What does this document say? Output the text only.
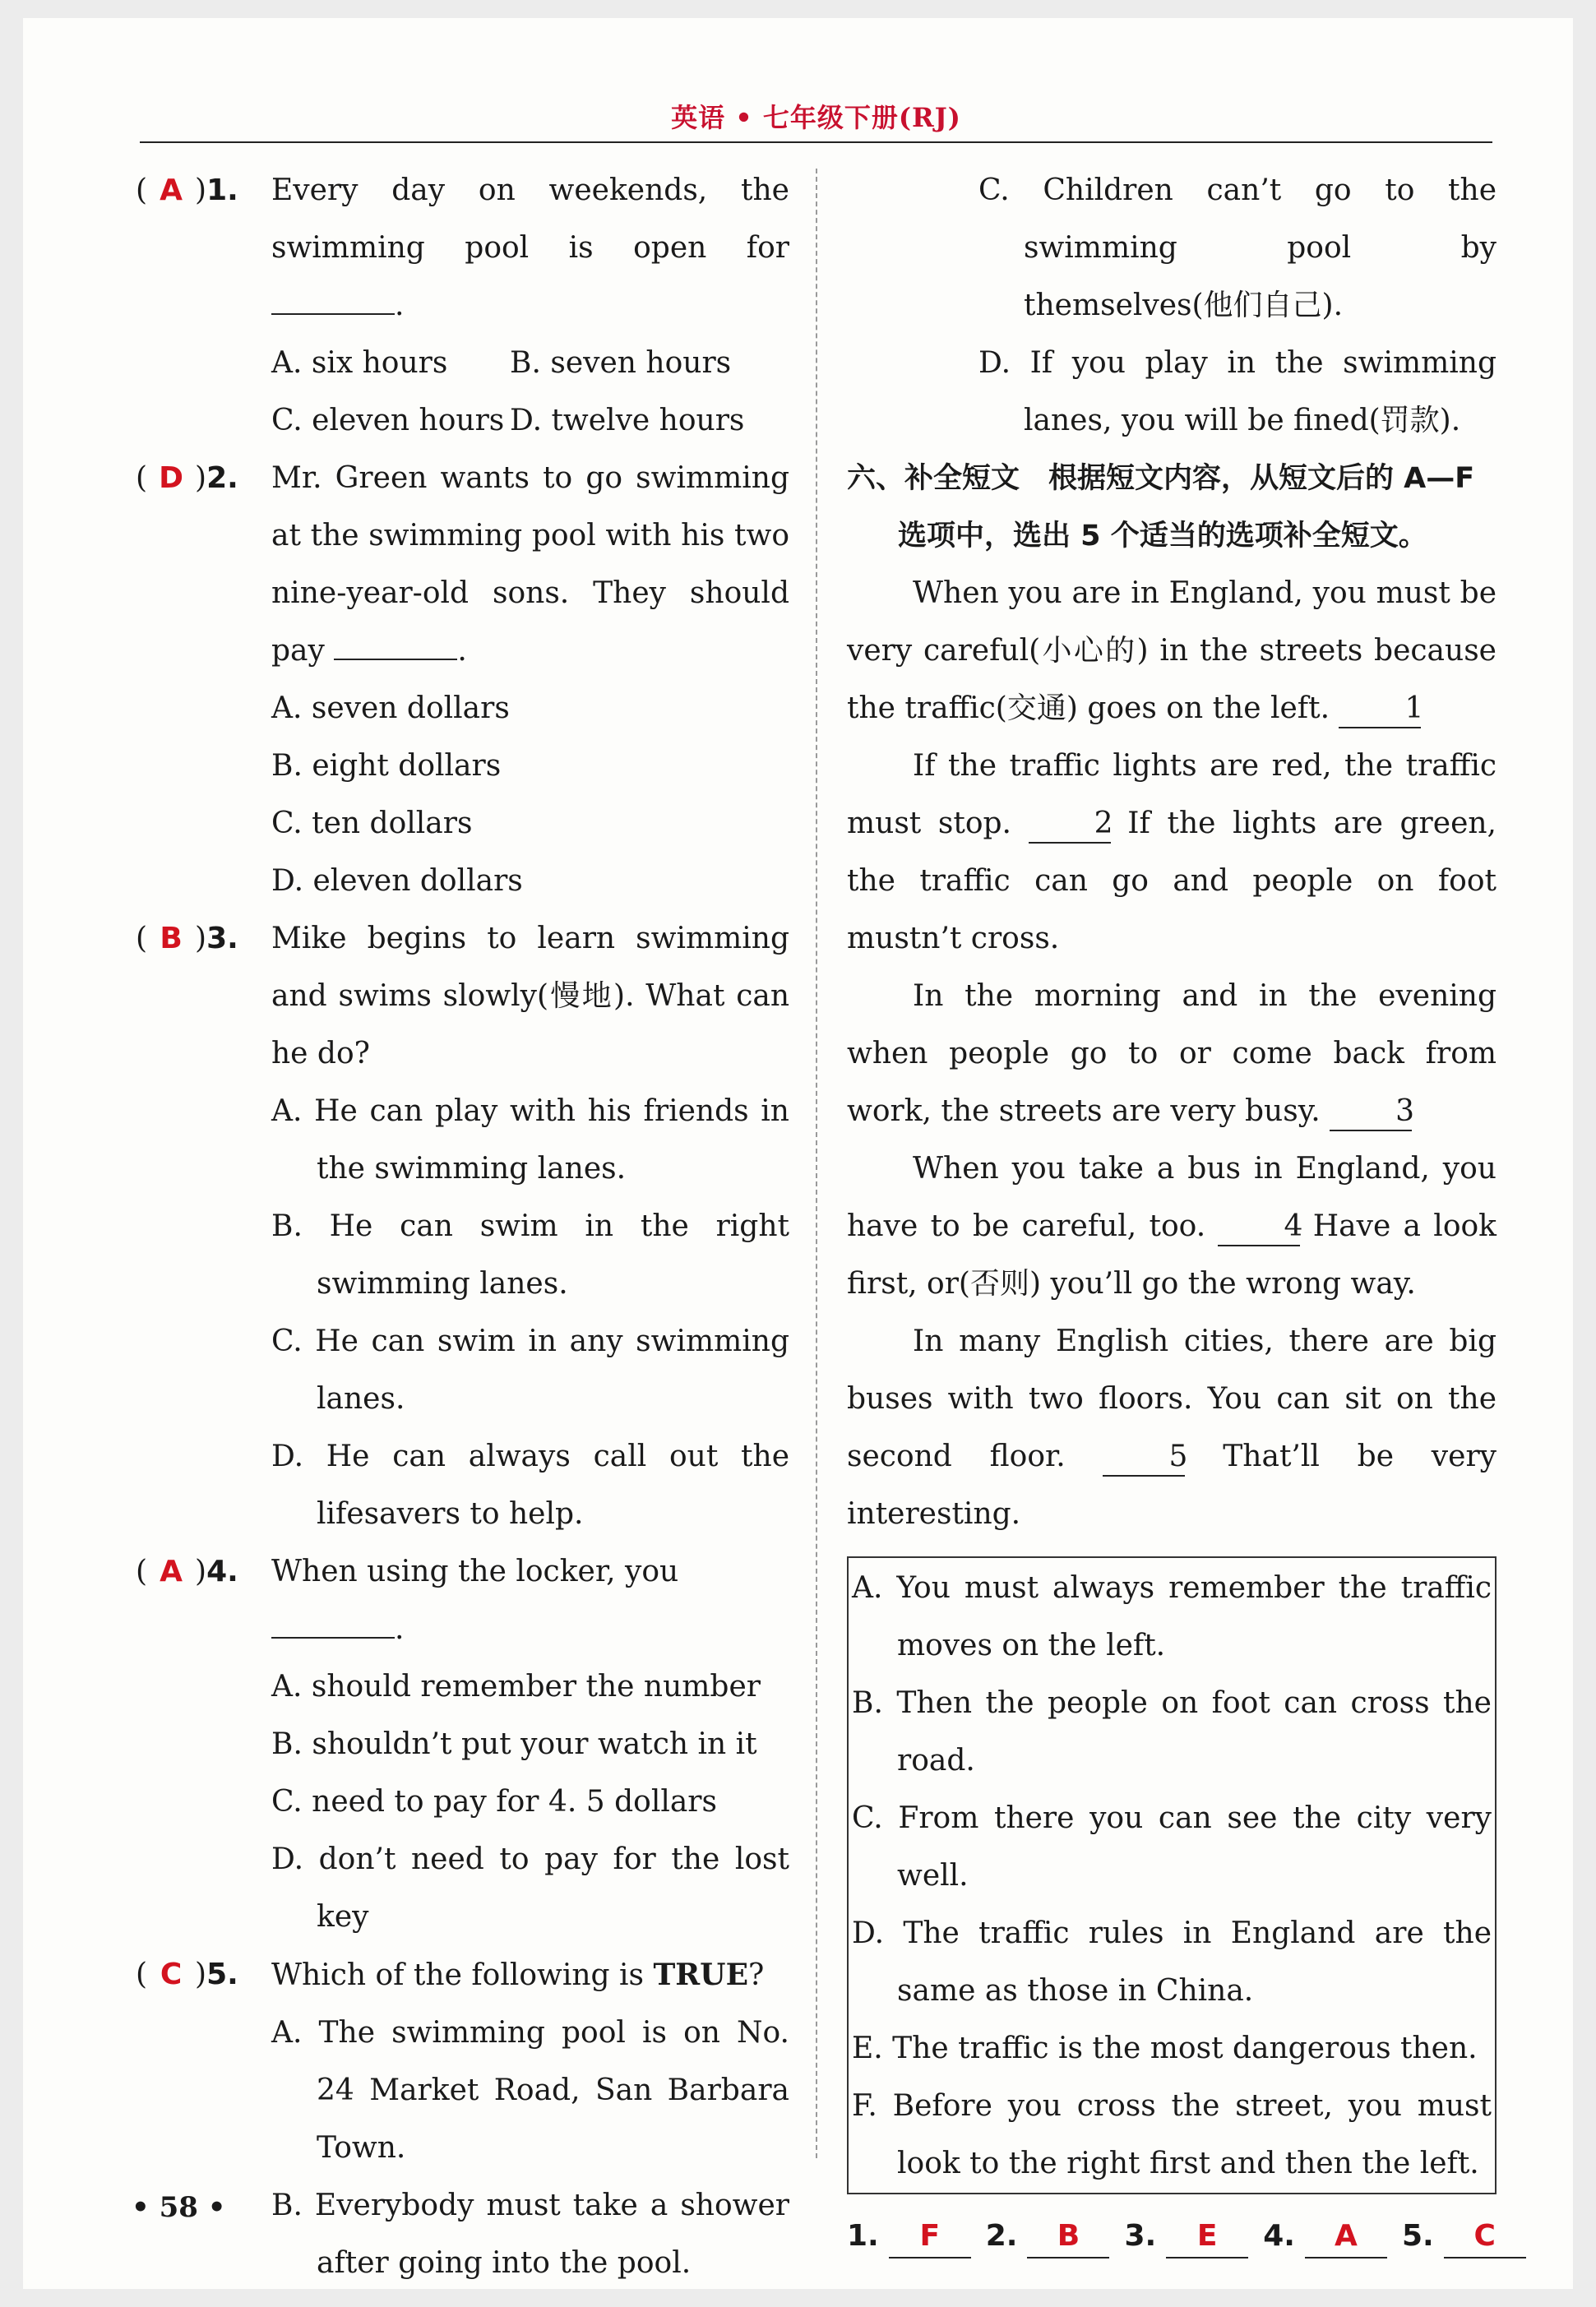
英语 • 七年级下册(RJ)
( A )1.	Every day on weekends, the swimming pool is open for .
A. six hours	B. seven hours
C. eleven hours D. twelve hours
( D )2.	Mr. Green wants to go swimming at the swimming pool with his two nine-year-old sons. They should pay	.
A. seven dollars
B. eight dollars
C. ten dollars
D. eleven dollars
( B )3.	Mike begins to learn swimming and swims slowly(慢地). What can he do?
A. He can play with his friends in the swimming lanes.
B. He can swim in the right swimming lanes.
C. He can swim in any swimming lanes.
D. He can always call out the lifesavers to help.
( A )4.	When using the locker, you
.
A. should remember the number
B. shouldn’t put your watch in it
C. need to pay for 4. 5 dollars
D. don’t need to pay for the lost key
( C )5.	Which of the following is TRUE?
A. The swimming pool is on No. 24 Market Road, San Barbara Town.
B. Everybody must take a shower after going into the pool.
C. Children can’t go to the swimming pool by themselves(他们自己).
D. If you play in the swimming lanes, you will be fined(罚款).
六、补全短文　根据短文内容，从短文后的 A—F 选项中，选出 5 个适当的选项补全短文。
When you are in England, you must be very careful(小心的) in the streets because the traffic(交通) goes on the left.	1
If the traffic lights are red, the traffic must stop.	2 If the lights are green, the traffic can go and people on foot mustn’t cross.
In the morning and in the evening when people go to or come back from work, the streets are very busy.	3
When you take a bus in England, you have to be careful, too.	4 Have a look first, or(否则) you’ll go the wrong way.
In many English cities, there are big buses with two floors. You can sit on the second floor.	5 That’ll be very interesting.
A. You must always remember the traffic moves on the left.
B. Then the people on foot can cross the road.
C. From there you can see the city very well.
D. The traffic rules in England are the same as those in China.
E. The traffic is the most dangerous then.
F. Before you cross the street, you must look to the right first and then the left.
1.	F	2.	B	3.	E	4.	A	5.	C
• 58 •
